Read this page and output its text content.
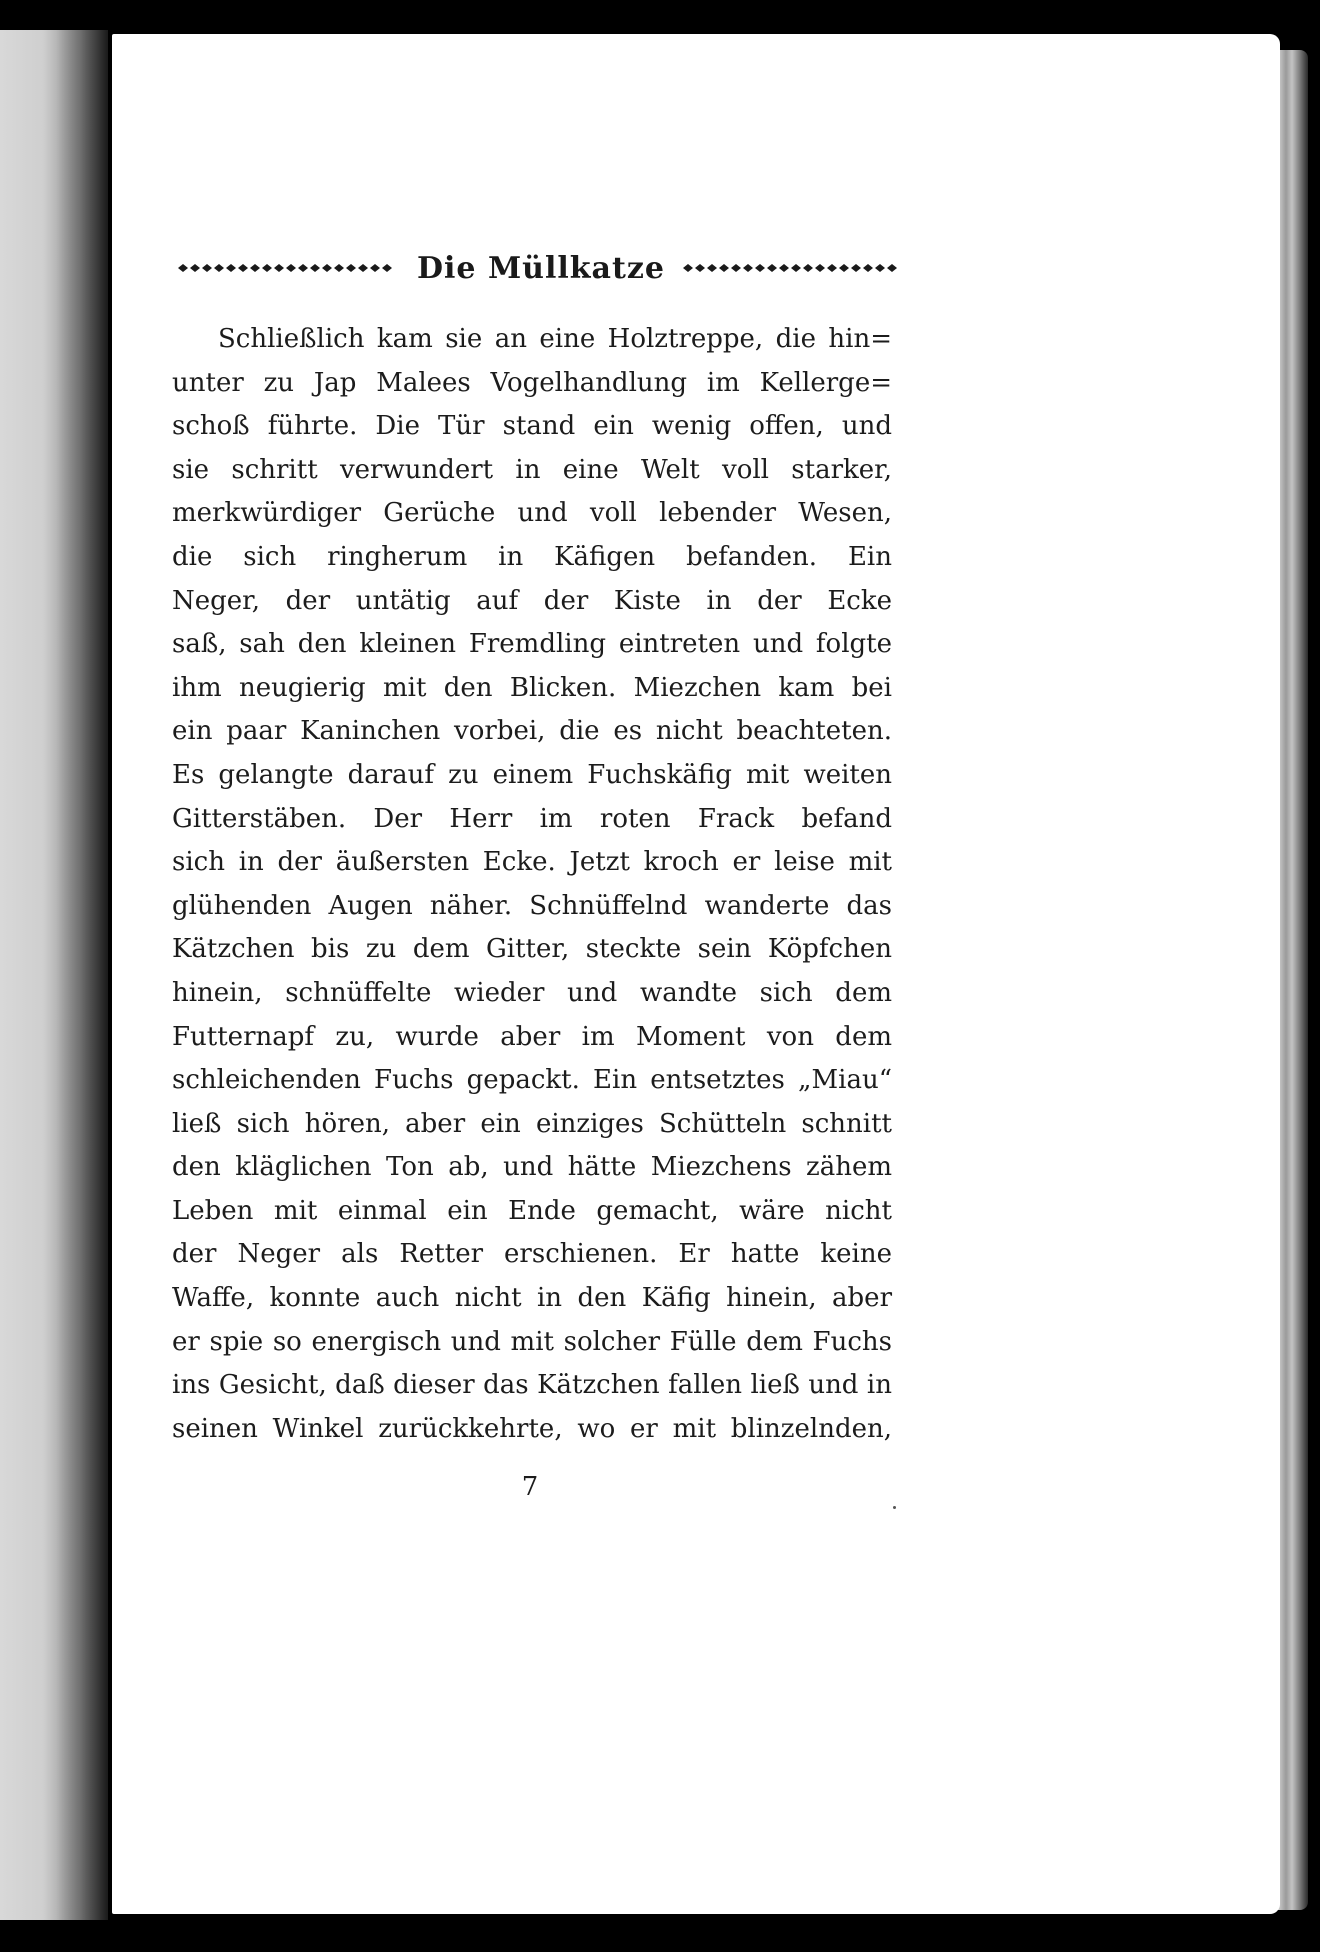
Die Müllkatze
Schließlich kam sie an eine Holztreppe, die hin=
unter zu Jap Malees Vogelhandlung im Kellerge=
schoß führte. Die Tür stand ein wenig offen, und
sie schritt verwundert in eine Welt voll starker,
merkwürdiger Gerüche und voll lebender Wesen,
die sich ringherum in Käfigen befanden. Ein
Neger, der untätig auf der Kiste in der Ecke
saß, sah den kleinen Fremdling eintreten und folgte
ihm neugierig mit den Blicken. Miezchen kam bei
ein paar Kaninchen vorbei, die es nicht beachteten.
Es gelangte darauf zu einem Fuchskäfig mit weiten
Gitterstäben. Der Herr im roten Frack befand
sich in der äußersten Ecke. Jetzt kroch er leise mit
glühenden Augen näher. Schnüffelnd wanderte das
Kätzchen bis zu dem Gitter, steckte sein Köpfchen
hinein, schnüffelte wieder und wandte sich dem
Futternapf zu, wurde aber im Moment von dem
schleichenden Fuchs gepackt. Ein entsetztes „Miau“
ließ sich hören, aber ein einziges Schütteln schnitt
den kläglichen Ton ab, und hätte Miezchens zähem
Leben mit einmal ein Ende gemacht, wäre nicht
der Neger als Retter erschienen. Er hatte keine
Waffe, konnte auch nicht in den Käfig hinein, aber
er spie so energisch und mit solcher Fülle dem Fuchs
ins Gesicht, daß dieser das Kätzchen fallen ließ und in
seinen Winkel zurückkehrte, wo er mit blinzelnden,
7
